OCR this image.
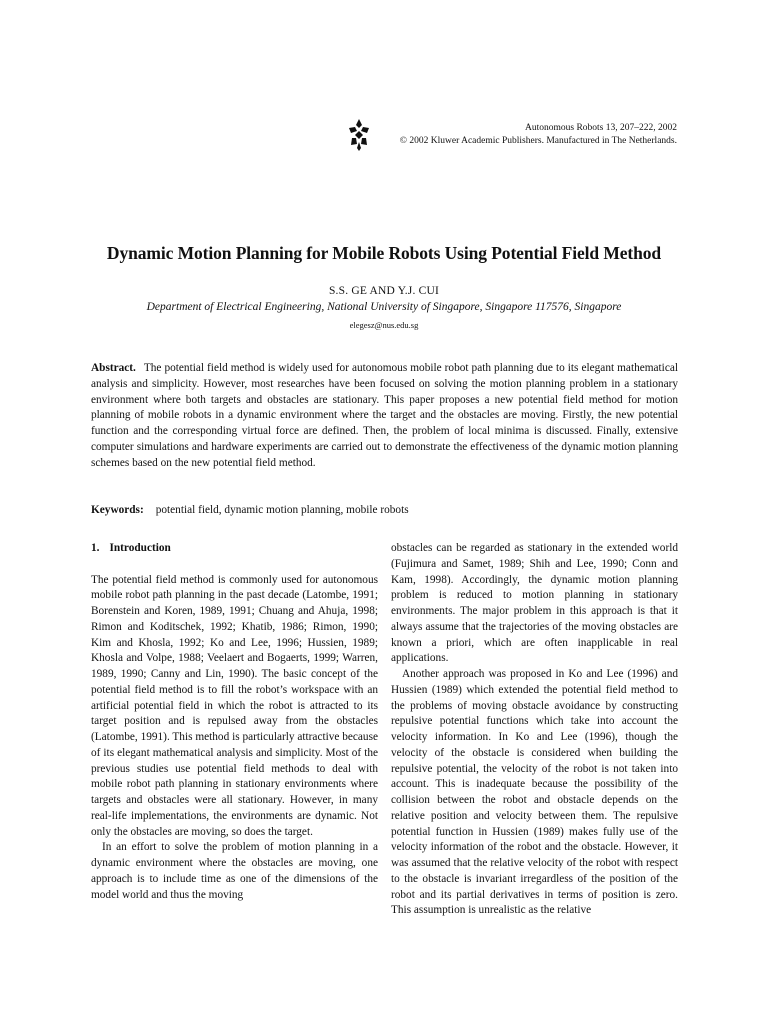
Autonomous Robots 13, 207–222, 2002
© 2002 Kluwer Academic Publishers. Manufactured in The Netherlands.
Dynamic Motion Planning for Mobile Robots Using Potential Field Method
S.S. GE AND Y.J. CUI
Department of Electrical Engineering, National University of Singapore, Singapore 117576, Singapore
elegesz@nus.edu.sg
Abstract. The potential field method is widely used for autonomous mobile robot path planning due to its elegant mathematical analysis and simplicity. However, most researches have been focused on solving the motion planning problem in a stationary environment where both targets and obstacles are stationary. This paper proposes a new potential field method for motion planning of mobile robots in a dynamic environment where the target and the obstacles are moving. Firstly, the new potential function and the corresponding virtual force are defined. Then, the problem of local minima is discussed. Finally, extensive computer simulations and hardware experiments are carried out to demonstrate the effectiveness of the dynamic motion planning schemes based on the new potential field method.
Keywords: potential field, dynamic motion planning, mobile robots

1. Introduction

The potential field method is commonly used for autonomous mobile robot path planning in the past decade (Latombe, 1991; Borenstein and Koren, 1989, 1991; Chuang and Ahuja, 1998; Rimon and Koditschek, 1992; Khatib, 1986; Rimon, 1990; Kim and Khosla, 1992; Ko and Lee, 1996; Hussien, 1989; Khosla and Volpe, 1988; Veelaert and Bogaerts, 1999; Warren, 1989, 1990; Canny and Lin, 1990). The basic concept of the potential field method is to fill the robot’s workspace with an artificial potential field in which the robot is attracted to its target position and is repulsed away from the obstacles (Latombe, 1991). This method is particularly attractive because of its elegant mathematical analysis and simplicity. Most of the previous studies use potential field methods to deal with mobile robot path planning in stationary environments where targets and obstacles were all stationary. However, in many real-life implementations, the environments are dynamic. Not only the obstacles are moving, so does the target.

In an effort to solve the problem of motion planning in a dynamic environment where the obstacles are moving, one approach is to include time as one of the dimensions of the model world and thus the moving

obstacles can be regarded as stationary in the extended world (Fujimura and Samet, 1989; Shih and Lee, 1990; Conn and Kam, 1998). Accordingly, the dynamic motion planning problem is reduced to motion planning in stationary environments. The major problem in this approach is that it always assume that the trajectories of the moving obstacles are known a priori, which are often inapplicable in real applications.

Another approach was proposed in Ko and Lee (1996) and Hussien (1989) which extended the potential field method to the problems of moving obstacle avoidance by constructing repulsive potential functions which take into account the velocity information. In Ko and Lee (1996), though the velocity of the obstacle is considered when building the repulsive potential, the velocity of the robot is not taken into account. This is inadequate because the possibility of the collision between the robot and obstacle depends on the relative position and velocity between them. The repulsive potential function in Hussien (1989) makes fully use of the velocity information of the robot and the obstacle. However, it was assumed that the relative velocity of the robot with respect to the obstacle is invariant irregardless of the position of the robot and its partial derivatives in terms of position is zero. This assumption is unrealistic as the relative
